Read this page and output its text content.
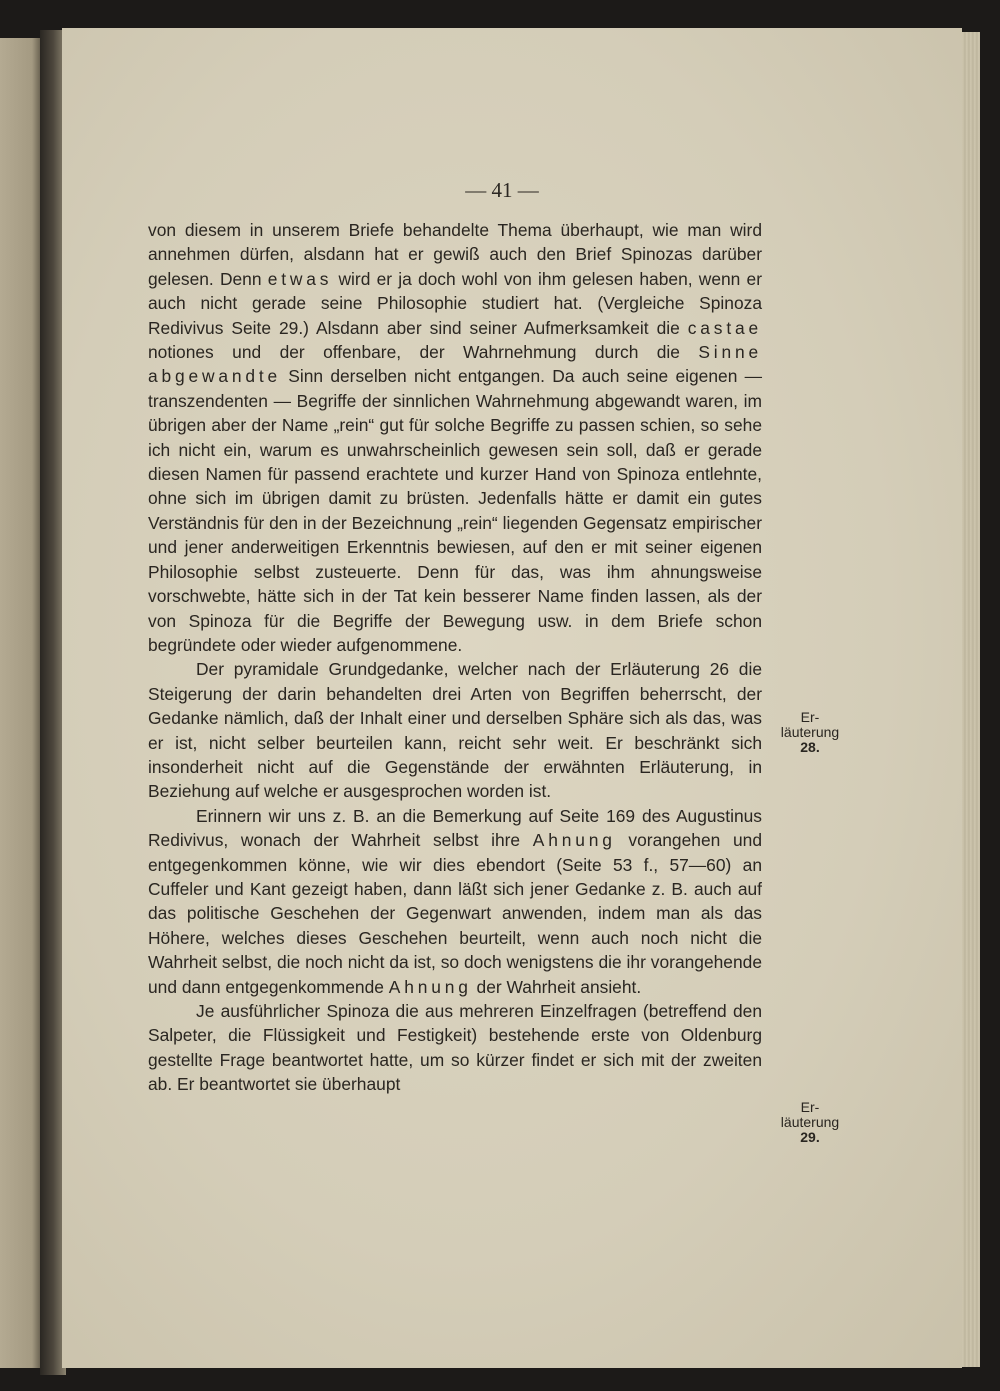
— 41 —

von diesem in unserem Briefe behandelte Thema überhaupt, wie man wird annehmen dürfen, alsdann hat er gewiß auch den Brief Spinozas darüber gelesen. Denn etwas wird er ja doch wohl von ihm gelesen haben, wenn er auch nicht gerade seine Philosophie studiert hat. (Vergleiche Spinoza Redivivus Seite 29.) Alsdann aber sind seiner Aufmerksamkeit die castae notiones und der offenbare, der Wahrnehmung durch die Sinne abgewandte Sinn derselben nicht entgangen. Da auch seine eigenen — transzendenten — Begriffe der sinnlichen Wahrnehmung abgewandt waren, im übrigen aber der Name „rein“ gut für solche Begriffe zu passen schien, so sehe ich nicht ein, warum es unwahrscheinlich gewesen sein soll, daß er gerade diesen Namen für passend erachtete und kurzer Hand von Spinoza entlehnte, ohne sich im übrigen damit zu brüsten. Jedenfalls hätte er damit ein gutes Verständnis für den in der Bezeichnung „rein“ liegenden Gegensatz empirischer und jener anderweitigen Erkenntnis bewiesen, auf den er mit seiner eigenen Philosophie selbst zusteuerte. Denn für das, was ihm ahnungsweise vorschwebte, hätte sich in der Tat kein besserer Name finden lassen, als der von Spinoza für die Begriffe der Bewegung usw. in dem Briefe schon begründete oder wieder aufgenommene.

Der pyramidale Grundgedanke, welcher nach der Erläuterung 26 die Steigerung der darin behandelten drei Arten von Begriffen beherrscht, der Gedanke nämlich, daß der Inhalt einer und derselben Sphäre sich als das, was er ist, nicht selber beurteilen kann, reicht sehr weit. Er beschränkt sich insonderheit nicht auf die Gegenstände der erwähnten Erläuterung, in Beziehung auf welche er ausgesprochen worden ist.

Erinnern wir uns z. B. an die Bemerkung auf Seite 169 des Augustinus Redivivus, wonach der Wahrheit selbst ihre Ahnung vorangehen und entgegenkommen könne, wie wir dies ebendort (Seite 53 f., 57—60) an Cuffeler und Kant gezeigt haben, dann läßt sich jener Gedanke z. B. auch auf das politische Geschehen der Gegenwart anwenden, indem man als das Höhere, welches dieses Geschehen beurteilt, wenn auch noch nicht die Wahrheit selbst, die noch nicht da ist, so doch wenigstens die ihr vorangehende und dann entgegenkommende Ahnung der Wahrheit ansieht.

Je ausführlicher Spinoza die aus mehreren Einzelfragen (betreffend den Salpeter, die Flüssigkeit und Festigkeit) bestehende erste von Oldenburg gestellte Frage beantwortet hatte, um so kürzer findet er sich mit der zweiten ab. Er beantwortet sie überhaupt

Er-
läuterung
28.
Er-
läuterung
29.
